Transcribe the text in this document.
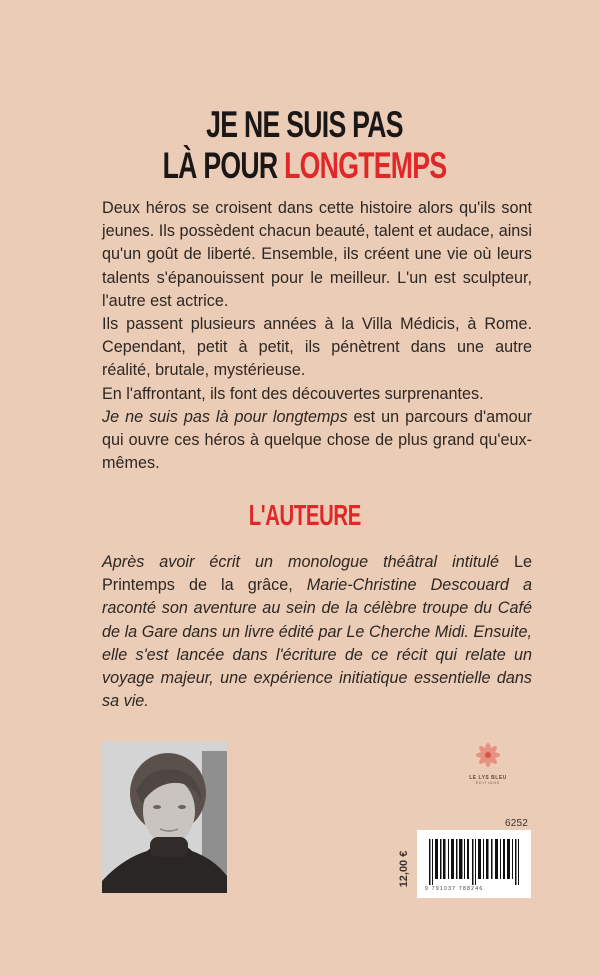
JE NE SUIS PAS
LÀ POUR LONGTEMPS

Deux héros se croisent dans cette histoire alors qu'ils sont jeunes. Ils possèdent chacun beauté, talent et audace, ainsi qu'un goût de liberté. Ensemble, ils créent une vie où leurs talents s'épanouissent pour le meilleur. L'un est sculpteur, l'autre est actrice.

Ils passent plusieurs années à la Villa Médicis, à Rome. Cependant, petit à petit, ils pénètrent dans une autre réalité, brutale, mystérieuse.

En l'affrontant, ils font des découvertes surprenantes.

Je ne suis pas là pour longtemps est un parcours d'amour qui ouvre ces héros à quelque chose de plus grand qu'eux-mêmes.

L'AUTEURE

Après avoir écrit un monologue théâtral intitulé Le Printemps de la grâce, Marie-Christine Descouard a raconté son aventure au sein de la célèbre troupe du Café de la Gare dans un livre édité par Le Cherche Midi. Ensuite, elle s'est lancée dans l'écriture de ce récit qui relate un voyage majeur, une expérience initiatique essentielle dans sa vie.

LE LYS BLEU
ÉDITIONS
6252
12,00 €
9 791037 788246
